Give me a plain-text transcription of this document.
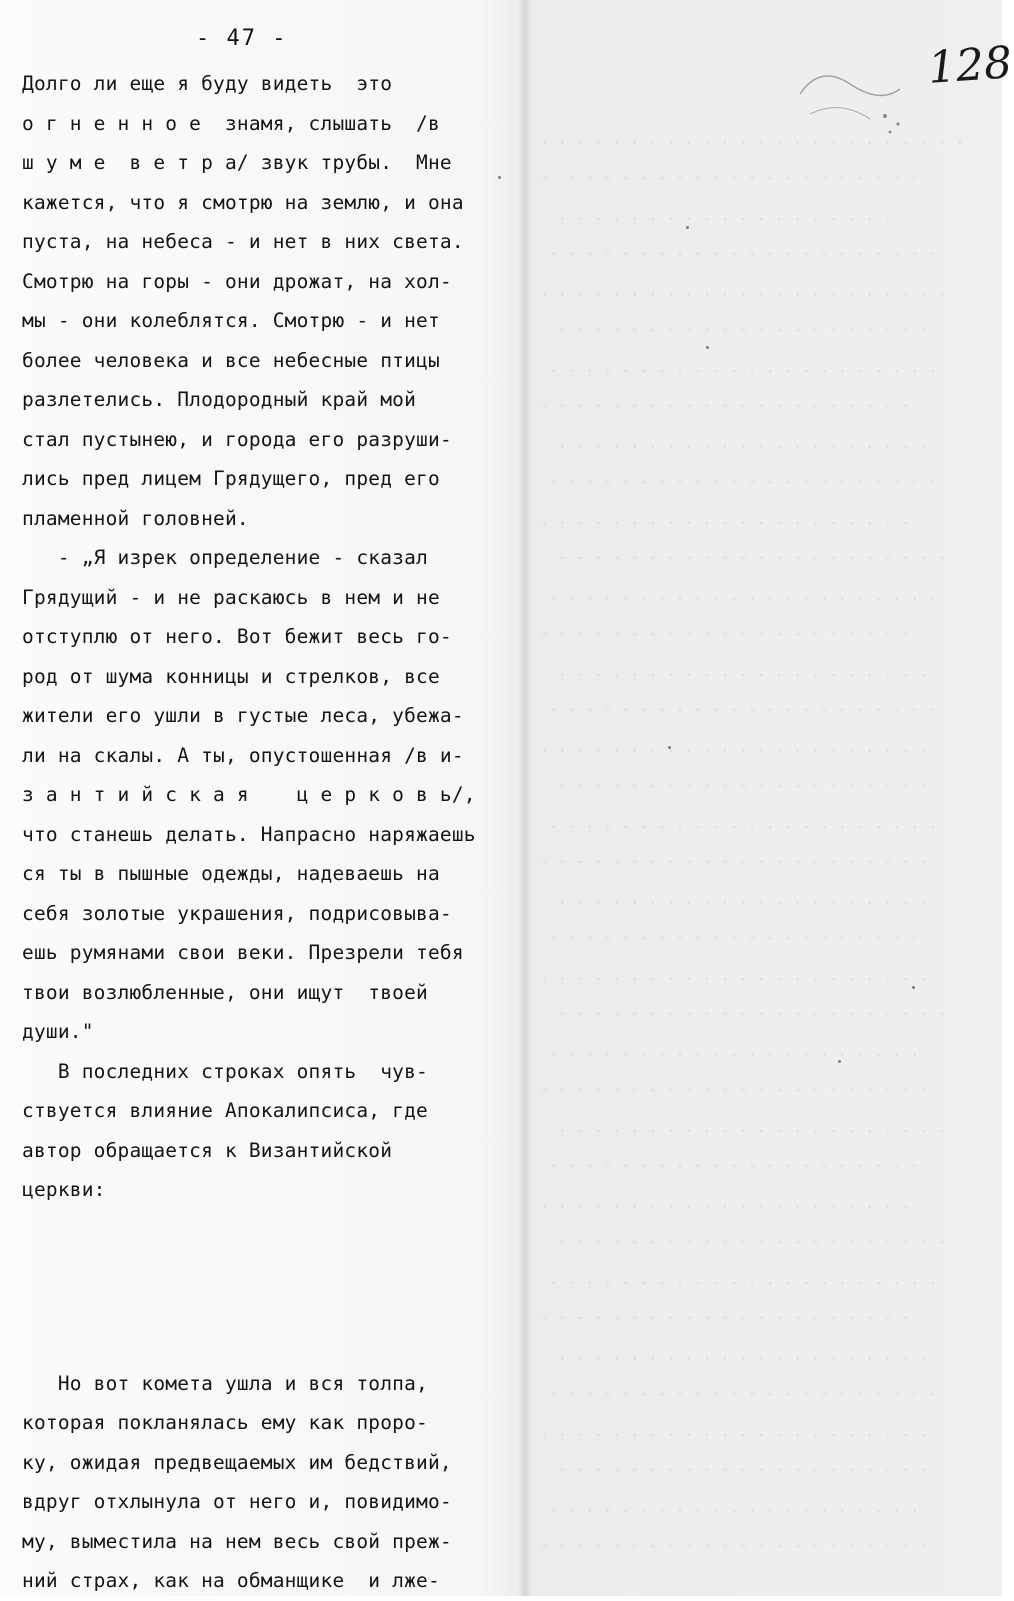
. . . . . . . . . . . . . . . . . . . . . . . .
-  - - - - - - - - - - - - - - - - - - - -
. . . . . . . . . . . . . . . . . . .
- - - - - - - - - - - - - - - - - - - - - -
. . . . . . . . . . . . . . . . . . . . . . .
- - - - - - - - - - - - - - - - - - - - -
. . . . . . . . . . . . . . . . . . . . . .
- - - - - - - - - - - - - - - - - - - - -
. . . . . . . . . . . . . . . . . . . . .
- - - - - - - - - - - - - - - - - - - - - -
. . . . . . . . . . . . . . . . . . . . .
- - - - - - - - - - - - - - - - - - - - - -
. . . . . . . . . . . . . . . . . . . . . .
- - - - - - - - - - - - - - - - - - - - -
. . . . . . . . . . . . . . . . . . . . .
- - - - - - - - - - - - - - - - - - - - - -
. . . . . . . . . . . . . . . . . . . . . .
- - - - - - - - - - - - - - - - - - - - -
. . . . . . . . . . . . . . . . . . . . . .
- - - - - - - - - - - - - - - - - - - - - -
. . . . . . . . . . . . . . . . . . . . .
- - - - - - - - - - - - - - - - - - - - -
. . . . . . . . . . . . . . . . . . . . . .
- - - - - - - - - - - - - - - - - - - - - -
. . . . . . . . . . . . . . . . . . . . .
- - - - - - - - - - - - - - - - - - - - - -
. . . . . . . . . . . . . . . . . . . . . .
- - - - - - - - - - - - - - - - - - - - -
. . . . . . . . . . . . . . . . . . . . .
- - - - - - - - - - - - - - - - - - - - - -
. . . . . . . . . . . . . . . . . . . . . .
- - - - - - - - - - - - - - - - - - - - -
. . . . . . . . . . . . . . . . . . . . .
- - - - - - - - - - - - - - - - - - - - - -
. . . . . . . . . . . . . . . . . . . . . .
- - - - - - - - - - - - - - - - - - - - -
. . . . . . . . . . . . . . . . . . . . .
- - - - - - - - - - - - - - - - - - - - - -
- 47 -	128
Долго ли еще я буду видеть  это
о г н е н н о е  знамя, слышать  /в
ш у м е  в е т р а/ звук трубы.  Мне
кажется, что я смотрю на землю, и она
пуста, на небеса - и нет в них света.
Смотрю на горы - они дрожат, на хол-
мы - они колеблятся. Смотрю - и нет
более человека и все небесные птицы
разлетелись. Плодородный край мой
стал пустынею, и города его разруши-
лись пред лицем Грядущего, пред его
пламенной головней.
- „Я изрек определение - сказал
Грядущий - и не раскаюсь в нем и не
отступлю от него. Вот бежит весь го-
род от шума конницы и стрелков, все
жители его ушли в густые леса, убежа-
ли на скалы. А ты, опустошенная /в и-
з а н т и й с к а я    ц е р к о в ь/,
что станешь делать. Напрасно наряжаешь
ся ты в пышные одежды, надеваешь на
себя золотые украшения, подрисовыва-
ешь румянами свои веки. Презрели тебя
твои возлюбленные, они ищут  твоей
души."
В последних строках опять  чув-
ствуется влияние Апокалипсиса, где
автор обращается к Византийской
церкви:
Но вот комета ушла и вся толпа,
которая покланялась ему как проро-
ку, ожидая предвещаемых им бедствий,
вдруг отхлынула от него и, повидимо-
му, выместила на нем весь свой преж-
ний страх, как на обманщике  и лже-
